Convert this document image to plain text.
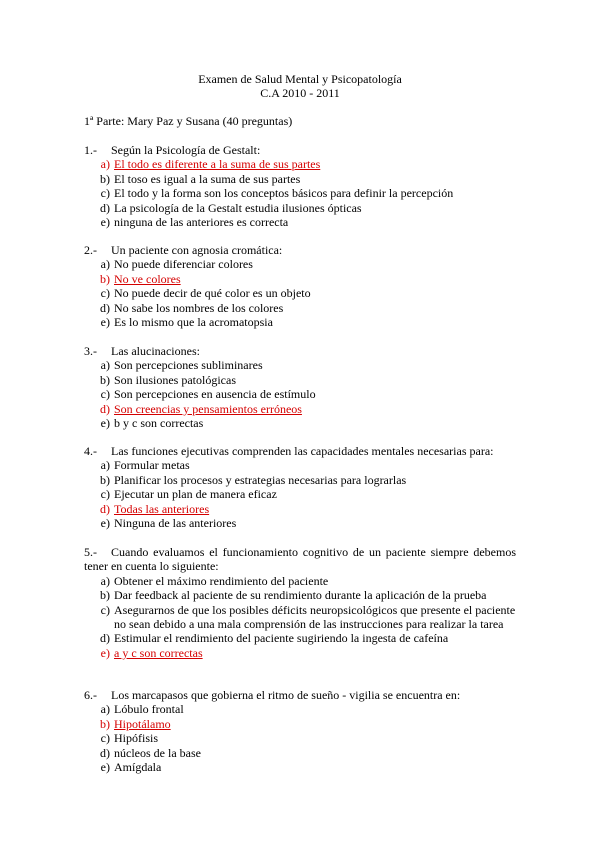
Examen de Salud Mental y Psicopatología
C.A 2010 - 2011
1ª Parte: Mary Paz y Susana (40 preguntas)
1.-	Según la Psicología de Gestalt:
a) El todo es diferente a la suma de sus partes
b) El toso es igual a la suma de sus partes
c) El todo y la forma son los conceptos básicos para definir la percepción
d) La psicología de la Gestalt estudia ilusiones ópticas
e) ninguna de las anteriores es correcta
2.-	Un paciente con agnosia cromática:
a) No puede diferenciar colores
b) No ve colores
c) No puede decir de qué color es un objeto
d) No sabe los nombres de los colores
e) Es lo mismo que la acromatopsia
3.-	Las alucinaciones:
a) Son percepciones subliminares
b) Son ilusiones patológicas
c) Son percepciones en ausencia de estímulo
d) Son creencias y pensamientos erróneos
e) b y c son correctas
4.-	Las funciones ejecutivas comprenden las capacidades mentales necesarias para:
a) Formular metas
b) Planificar los procesos y estrategias necesarias para lograrlas
c) Ejecutar un plan de manera eficaz
d) Todas las anteriores
e) Ninguna de las anteriores
5.- Cuando evaluamos el funcionamiento cognitivo de un paciente siempre debemos tener en cuenta lo siguiente:
a) Obtener el máximo rendimiento del paciente
b) Dar feedback al paciente de su rendimiento durante la aplicación de la prueba
c) Asegurarnos de que los posibles déficits neuropsicológicos que presente el paciente no sean debido a una mala comprensión de las instrucciones para realizar la tarea
d) Estimular el rendimiento del paciente sugiriendo la ingesta de cafeína
e) a y c son correctas
6.-	Los marcapasos que gobierna el ritmo de sueño - vigilia se encuentra en:
a) Lóbulo frontal
b) Hipotálamo
c) Hipófisis
d) núcleos de la base
e) Amígdala
